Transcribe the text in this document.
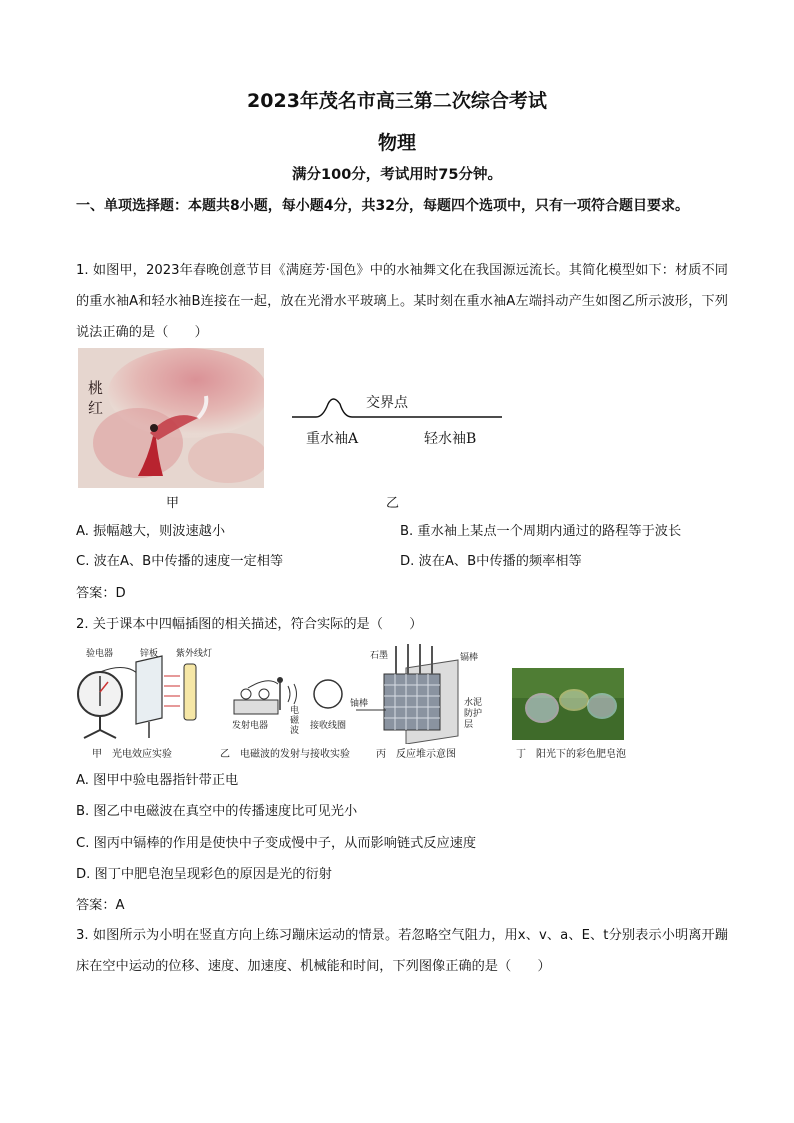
2023年茂名市高三第二次综合考试
物理
满分100分，考试用时75分钟。
一、单项选择题：本题共8小题，每小题4分，共32分，每题四个选项中，只有一项符合题目要求。
1. 如图甲，2023年春晚创意节目《满庭芳·国色》中的水袖舞文化在我国源远流长。其简化模型如下：材质不同的重水袖A和轻水袖B连接在一起，放在光滑水平玻璃上。某时刻在重水袖A左端抖动产生如图乙所示波形，下列说法正确的是（　　）
桃红
甲
交界点
重水袖A	轻水袖B
乙
A. 振幅越大，则波速越小	B. 重水袖上某点一个周期内通过的路程等于波长
C. 波在A、B中传播的速度一定相等	D. 波在A、B中传播的频率相等
答案：D
2. 关于课本中四幅插图的相关描述，符合实际的是（　　）
验电器	锌板 紫外线灯
甲　光电效应实验
发射电器
电磁波 接收线圈
乙　电磁波的发射与接收实验
石墨	镉棒
铀棒	水泥防护层
丙　反应堆示意图	丁　阳光下的彩色肥皂泡
A. 图甲中验电器指针带正电
B. 图乙中电磁波在真空中的传播速度比可见光小
C. 图丙中镉棒的作用是使快中子变成慢中子，从而影响链式反应速度
D. 图丁中肥皂泡呈现彩色的原因是光的衍射
答案：A
3. 如图所示为小明在竖直方向上练习蹦床运动的情景。若忽略空气阻力，用x、v、a、E、t分别表示小明离开蹦床在空中运动的位移、速度、加速度、机械能和时间，下列图像正确的是（　　）
